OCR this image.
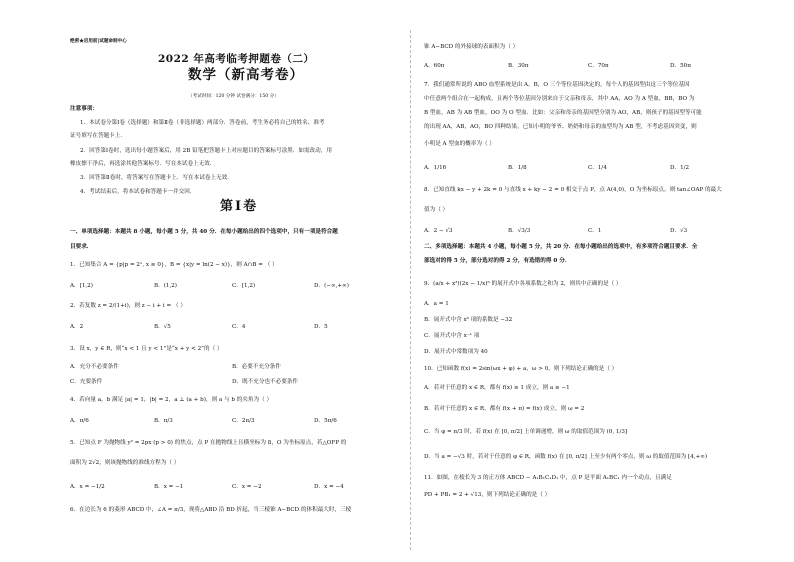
绝密★启用前|试题命制中心
2022 年高考临考押题卷（二）
数学（新高考卷）
（考试时间：120 分钟 试卷满分：150 分）
注意事项：
1．本试卷分第Ⅰ卷（选择题）和第Ⅱ卷（非选择题）两部分．答卷前，考生务必将自己的姓名、准考
证号填写在答题卡上．
2．回答第Ⅰ卷时，选出每小题答案后，用 2B 铅笔把答题卡上对应题目的答案标号涂黑．如需改动，用
橡皮擦干净后，再选涂其他答案标号．写在本试卷上无效．
3．回答第Ⅱ卷时，将答案写在答题卡上．写在本试卷上无效．
4．考试结束后，将本试卷和答题卡一并交回．
第Ⅰ卷
一、单项选择题：本题共 8 小题，每小题 5 分，共 40 分．在每小题给出的四个选项中，只有一项是符合题
目要求．
1．已知集合 A = {p|p = 2ˣ, x ≥ 0}，B = {x|y = ln(2 − x)}，则 A∩B = （ ）
A．[1,2)	B．(1,2)	C．[1,2)	D．(−∞,+∞)
2．若复数 z = 2/(1+i)，则 z − i + i = （ ）
A．2	B．√5	C．4	D．5
3．设 x，y ∈ R，则“x < 1 且 y < 1”是“x + y < 2”的（ ）
A．充分不必要条件	B．必要不充分条件
C．充要条件	D．既不充分也不必要条件
4．若向量 a，b 满足 |a| = 1，|b| = 2，a ⊥ (a + b)，则 a 与 b 的夹角为（ ）
A．π/6	B．π/3	C．2π/3	D．5π/6
5．已知点 F 为抛物线 y² = 2px (p > 0) 的焦点，点 P 在抛物线上且横坐标为 8，O 为坐标原点，若△OFP 的
面积为 2√2，则该抛物线的准线方程为（ ）
A．x = −1/2	B．x = −1	C．x = −2	D．x = −4
6．在边长为 6 的菱形 ABCD 中，∠A = π/3，现将△ABD 沿 BD 折起，当三棱锥 A−BCD 的体积最大时，三棱
锥 A−BCD 的外接球的表面积为（ ）
A．60π	B．30π	C．70π	D．50π
7．我们通常所说的 ABO 血型系统是由 A，B，O 三个等位基因决定的，每个人的基因型由这三个等位基因
中任意两个组合在一起构成，且两个等位基因分别来自于父亲和母亲，其中 AA，AO 为 A 型血，BB，BO 为
B 型血，AB 为 AB 型血，OO 为 O 型血．比如：父亲和母亲的基因型分别为 AO，AB，则孩子的基因型等可能
的出现 AA，AB，AO，BO 四种结果，已知小明的爷爷、奶奶和母亲的血型均为 AB 型，不考虑基因突变，则
小明是 A 型血的概率为（ ）
A．1/16	B．1/8	C．1/4	D．1/2
8．已知直线 kx − y + 2k = 0 与直线 x + ky − 2 = 0 相交于点 P，点 A(4,0)，O 为坐标原点，则 tan∠OAP 的最大
值为（ ）
A．2 − √3	B．√3/3	C．1	D．√3
二、多项选择题：本题共 4 小题，每小题 5 分，共 20 分．在每小题给出的选项中，有多项符合题目要求．全
部选对的得 5 分，部分选对的得 2 分，有选错的得 0 分．
9．(a/x + x³)(2x − 1/x)⁶ 的展开式中各项系数之和为 2，则其中正确的是（ ）
A．a = 1
B．展开式中含 x⁶ 项的系数是 −32
C．展开式中含 x⁻¹ 项
D．展开式中常数项为 40
10．已知函数 f(x) = 2sin(ωx + φ) + a，ω > 0，则下列结论正确的是（ ）
A．若对于任意的 x ∈ R，都有 f(x) ≥ 1 成立，则 a ≥ −1
B．若对于任意的 x ∈ R，都有 f(x + π) = f(x) 成立，则 ω = 2
C．当 φ = π/3 时，若 f(x) 在 [0, π/2] 上单调递增，则 ω 的取值范围为 (0, 1/3]
D．当 a = −√3 时，若对于任意的 φ ∈ R，函数 f(x) 在 [0, π/2] 上至少有两个零点，则 ω 的取值范围为 [4,+∞)
11．如图，在棱长为 3 的正方体 ABCD − A₁B₁C₁D₁ 中，点 P 是平面 A₁BC₁ 内一个动点，且满足
PD + PB₁ = 2 + √13，则下列结论正确的是（ ）
